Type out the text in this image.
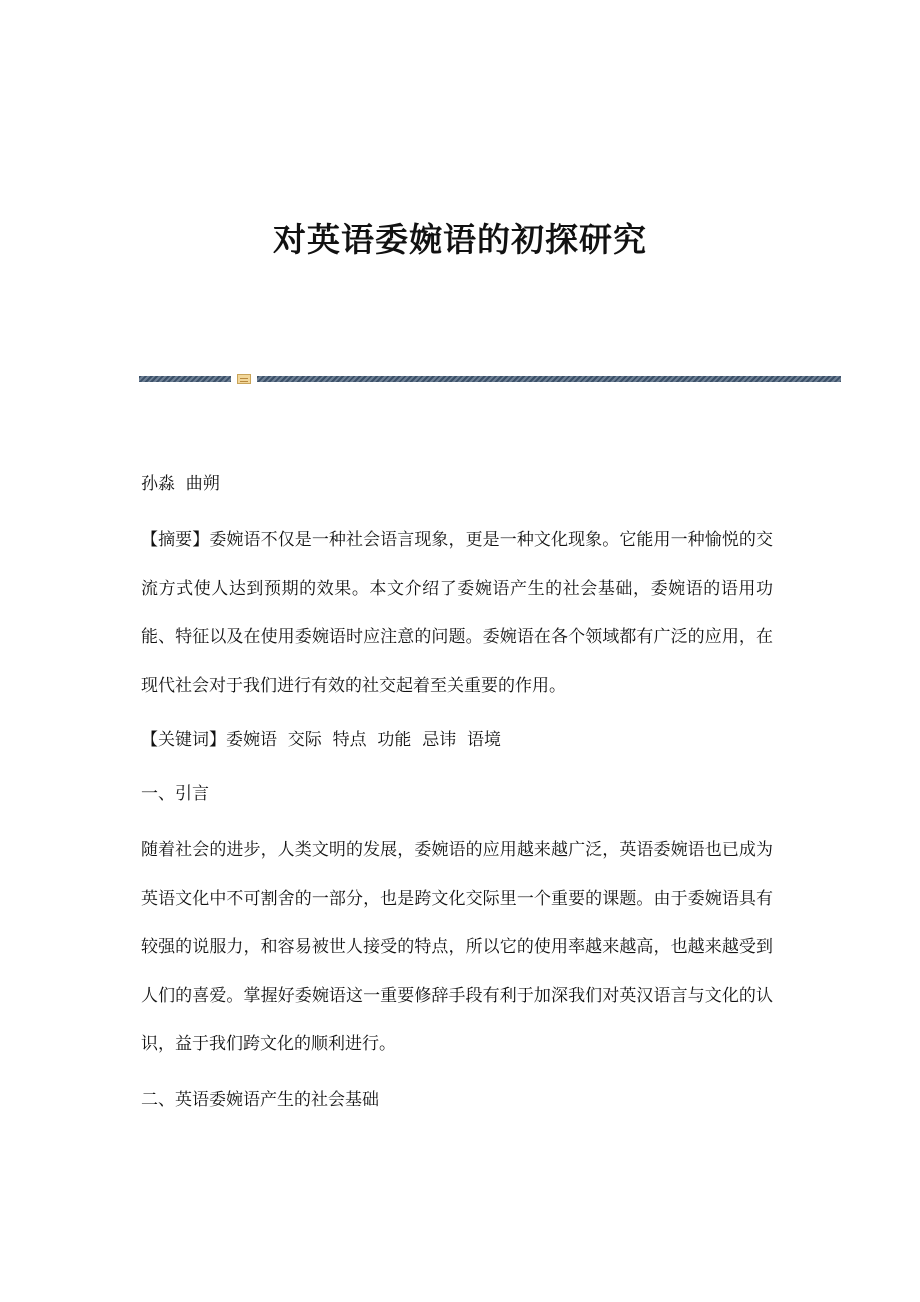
对英语委婉语的初探研究

孙淼  曲朔

【摘要】委婉语不仅是一种社会语言现象，更是一种文化现象。它能用一种愉悦的交流方式使人达到预期的效果。本文介绍了委婉语产生的社会基础，委婉语的语用功能、特征以及在使用委婉语时应注意的问题。委婉语在各个领域都有广泛的应用，在现代社会对于我们进行有效的社交起着至关重要的作用。

【关键词】委婉语  交际  特点  功能  忌讳  语境

一、引言

随着社会的进步，人类文明的发展，委婉语的应用越来越广泛，英语委婉语也已成为英语文化中不可割舍的一部分，也是跨文化交际里一个重要的课题。由于委婉语具有较强的说服力，和容易被世人接受的特点，所以它的使用率越来越高，也越来越受到人们的喜爱。掌握好委婉语这一重要修辞手段有利于加深我们对英汉语言与文化的认识，益于我们跨文化的顺利进行。

二、英语委婉语产生的社会基础
